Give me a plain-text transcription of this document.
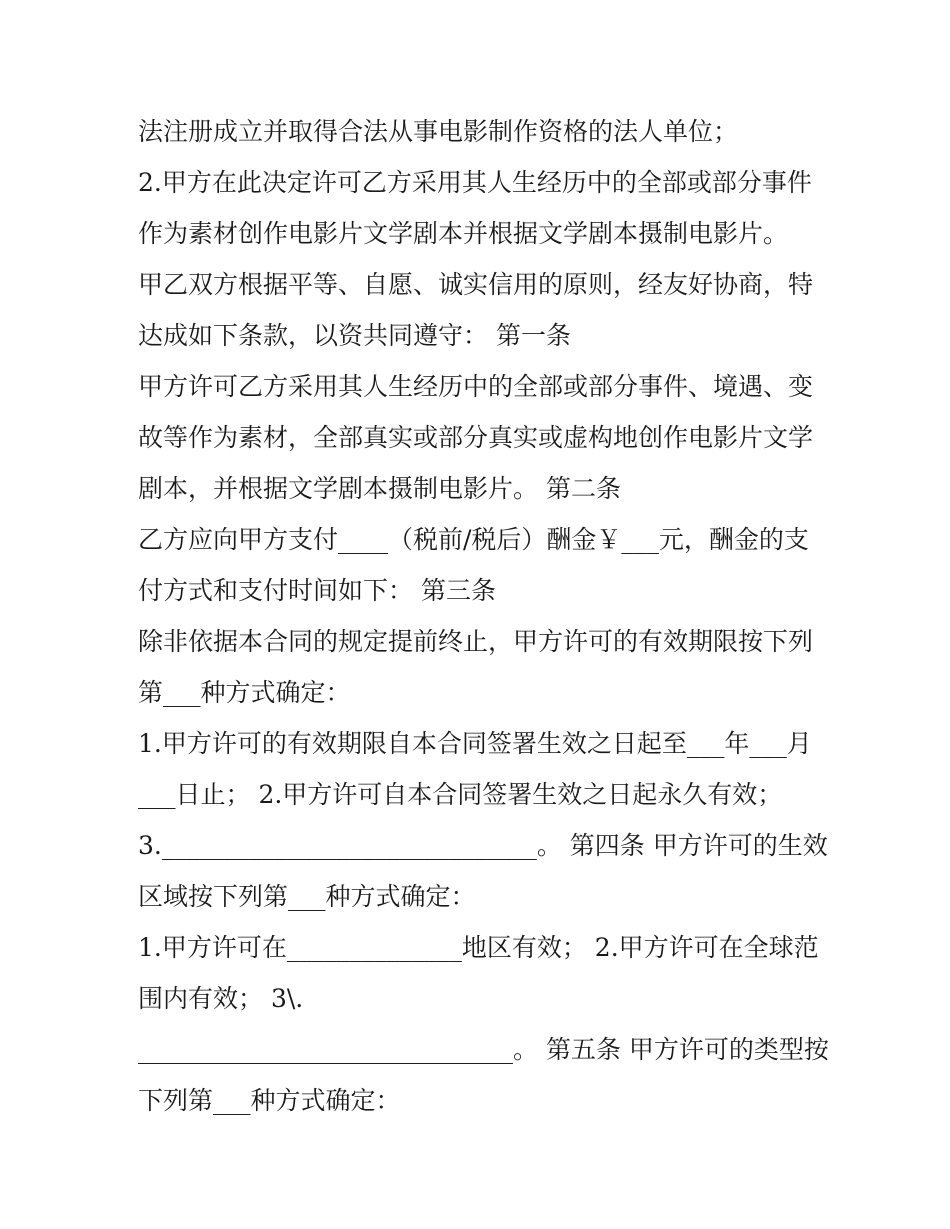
法注册成立并取得合法从事电影制作资格的法人单位；
2.甲方在此决定许可乙方采用其人生经历中的全部或部分事件
作为素材创作电影片文学剧本并根据文学剧本摄制电影片。
甲乙双方根据平等、自愿、诚实信用的原则，经友好协商，特
达成如下条款，以资共同遵守： 第一条
甲方许可乙方采用其人生经历中的全部或部分事件、境遇、变
故等作为素材，全部真实或部分真实或虚构地创作电影片文学
剧本，并根据文学剧本摄制电影片。 第二条
乙方应向甲方支付____（税前/税后）酬金￥___元，酬金的支
付方式和支付时间如下： 第三条
除非依据本合同的规定提前终止，甲方许可的有效期限按下列
第___种方式确定：
1.甲方许可的有效期限自本合同签署生效之日起至___年___月
___日止； 2.甲方许可自本合同签署生效之日起永久有效；
3.______________________________。 第四条 甲方许可的生效
区域按下列第___种方式确定：
1.甲方许可在______________地区有效； 2.甲方许可在全球范
围内有效； 3\.
______________________________。 第五条 甲方许可的类型按
下列第___种方式确定：
